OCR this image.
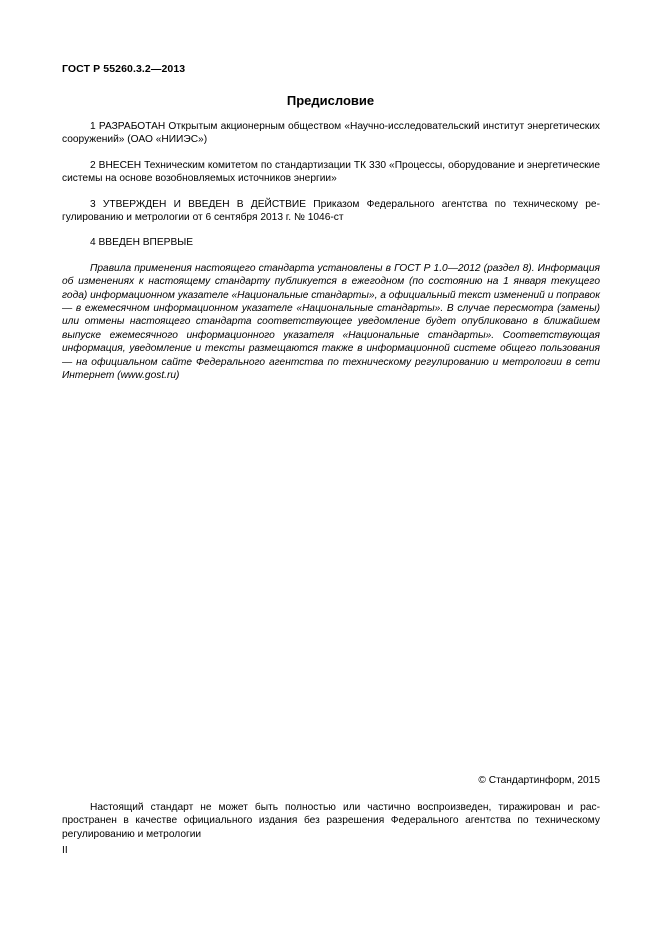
ГОСТ Р 55260.3.2—2013
Предисловие

1 РАЗРАБОТАН Открытым акционерным обществом «Научно-исследовательский институт энергетических сооружений» (ОАО «НИИЭС»)

2 ВНЕСЕН Техническим комитетом по стандартизации ТК 330 «Процессы, оборудование и энергетические системы на основе возобновляемых источников энергии»

3 УТВЕРЖДЕН И ВВЕДЕН В ДЕЙСТВИЕ Приказом Федерального агентства по техническому регулированию и метрологии от 6 сентября 2013 г. № 1046-ст

4 ВВЕДЕН ВПЕРВЫЕ

Правила применения настоящего стандарта установлены в ГОСТ Р 1.0—2012 (раздел 8). Информация об изменениях к настоящему стандарту публикуется в ежегодном (по состоянию на 1 января текущего года) информационном указателе «Национальные стандарты», а официальный текст изменений и поправок — в ежемесячном информационном указателе «Национальные стандарты». В случае пересмотра (замены) или отмены настоящего стандарта соответствующее уведомление будет опубликовано в ближайшем выпуске ежемесячного информационного указателя «Национальные стандарты». Соответствующая информация, уведомление и тексты размещаются также в информационной системе общего пользования — на официальном сайте Федерального агентства по техническому регулированию и метрологии в сети Интернет (www.gost.ru)

© Стандартинформ, 2015

Настоящий стандарт не может быть полностью или частично воспроизведен, тиражирован и распространен в качестве официального издания без разрешения Федерального агентства по техническому регулированию и метрологии

II
